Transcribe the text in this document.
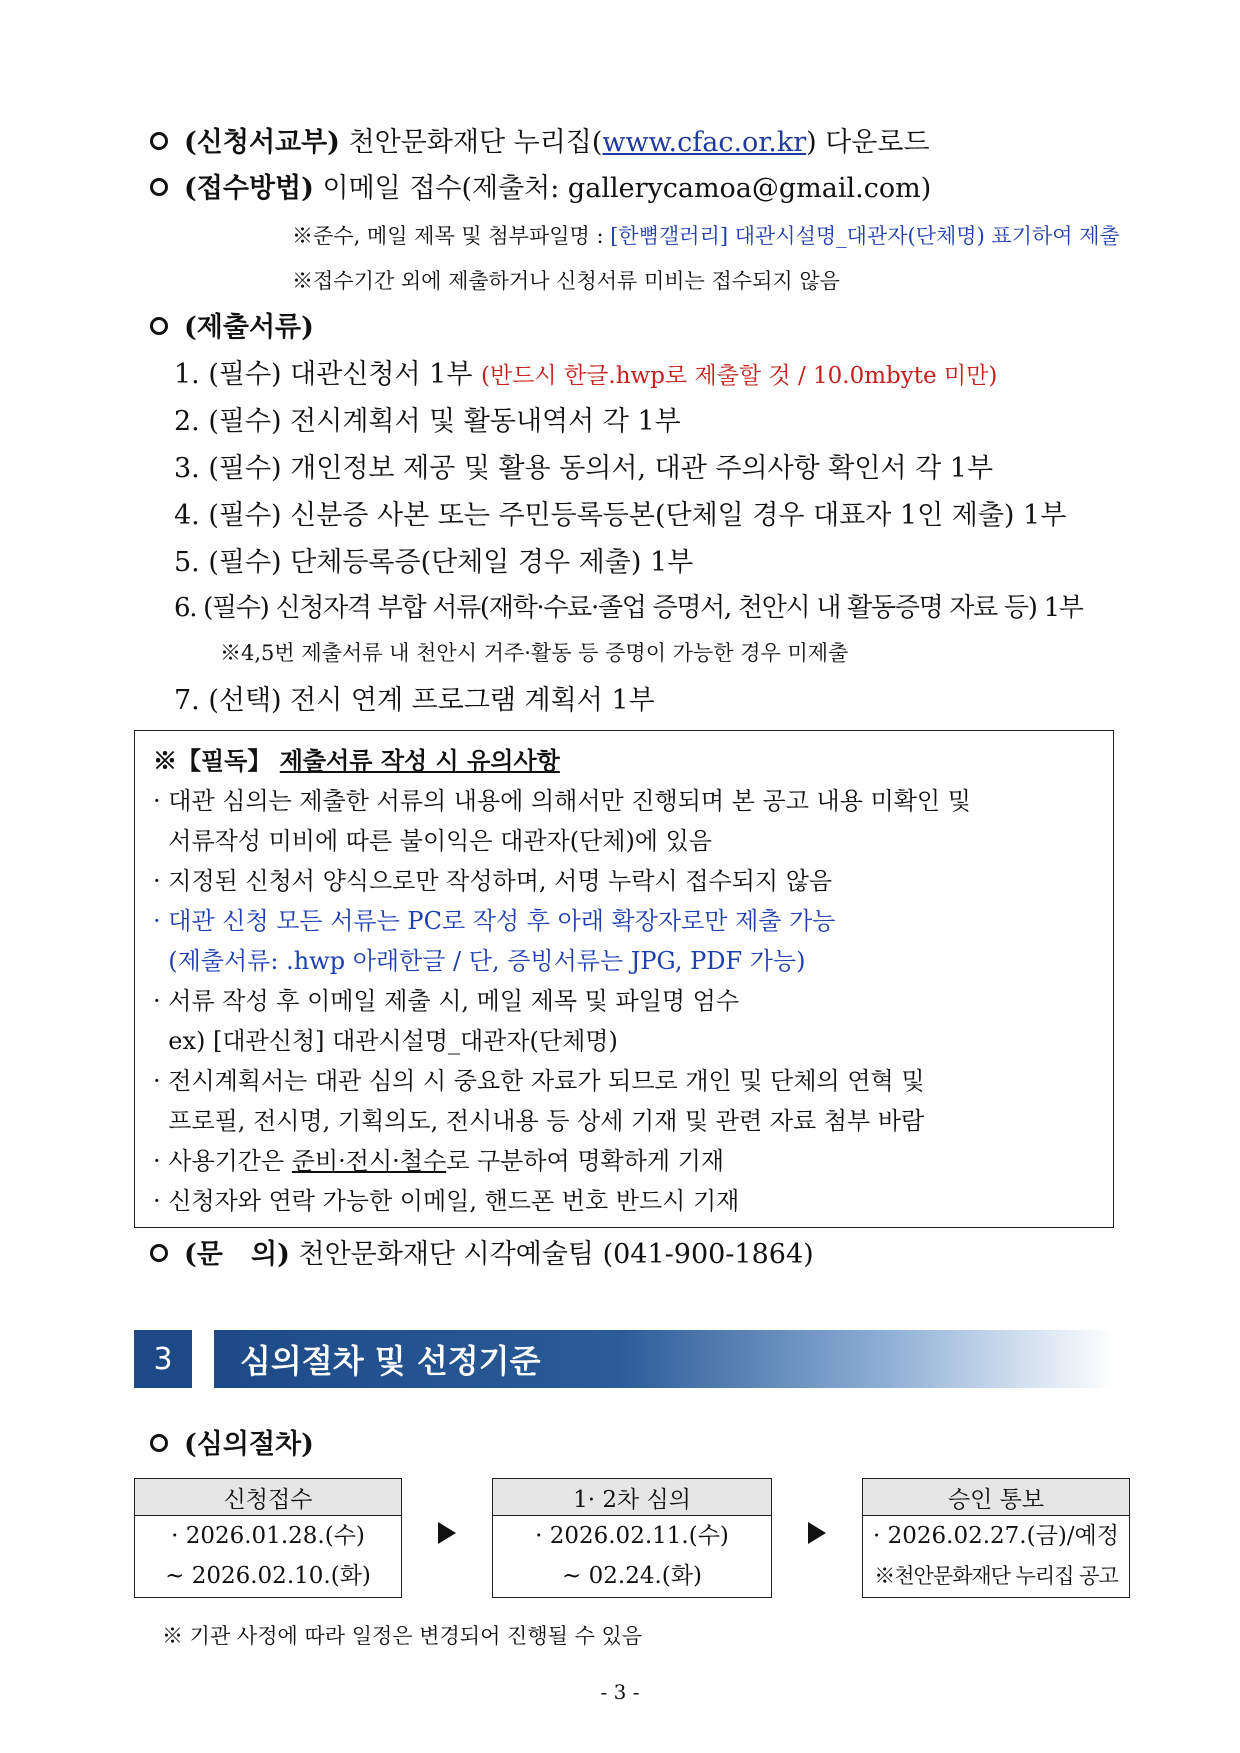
(신청서교부) 천안문화재단 누리집(www.cfac.or.kr) 다운로드
(접수방법) 이메일 접수(제출처: gallerycamoa@gmail.com)
※준수, 메일 제목 및 첨부파일명 : [한뼘갤러리] 대관시설명_대관자(단체명) 표기하여 제출
※접수기간 외에 제출하거나 신청서류 미비는 접수되지 않음
(제출서류)
1. (필수) 대관신청서 1부 (반드시 한글.hwp로 제출할 것 / 10.0mbyte 미만)
2. (필수) 전시계획서 및 활동내역서 각 1부
3. (필수) 개인정보 제공 및 활용 동의서, 대관 주의사항 확인서 각 1부
4. (필수) 신분증 사본 또는 주민등록등본(단체일 경우 대표자 1인 제출) 1부
5. (필수) 단체등록증(단체일 경우 제출) 1부
6. (필수) 신청자격 부합 서류(재학·수료·졸업 증명서, 천안시 내 활동증명 자료 등) 1부
※4,5번 제출서류 내 천안시 거주·활동 등 증명이 가능한 경우 미제출
7. (선택) 전시 연계 프로그램 계획서 1부
※【필독】 제출서류 작성 시 유의사항
· 대관 심의는 제출한 서류의 내용에 의해서만 진행되며 본 공고 내용 미확인 및
서류작성 미비에 따른 불이익은 대관자(단체)에 있음
· 지정된 신청서 양식으로만 작성하며, 서명 누락시 접수되지 않음
· 대관 신청 모든 서류는 PC로 작성 후 아래 확장자로만 제출 가능
(제출서류: .hwp 아래한글 / 단, 증빙서류는 JPG, PDF 가능)
· 서류 작성 후 이메일 제출 시, 메일 제목 및 파일명 엄수
ex) [대관신청] 대관시설명_대관자(단체명)
· 전시계획서는 대관 심의 시 중요한 자료가 되므로 개인 및 단체의 연혁 및
프로필, 전시명, 기획의도, 전시내용 등 상세 기재 및 관련 자료 첨부 바람
· 사용기간은 준비·전시·철수로 구분하여 명확하게 기재
· 신청자와 연락 가능한 이메일, 핸드폰 번호 반드시 기재
(문   의) 천안문화재단 시각예술팀 (041-900-1864)
3	심의절차 및 선정기준
(심의절차)
신청접수
· 2026.01.28.(수)
~ 2026.02.10.(화)
1· 2차 심의
· 2026.02.11.(수)
~ 02.24.(화)
승인 통보
· 2026.02.27.(금)/예정
※천안문화재단 누리집 공고
※ 기관 사정에 따라 일정은 변경되어 진행될 수 있음
- 3 -
